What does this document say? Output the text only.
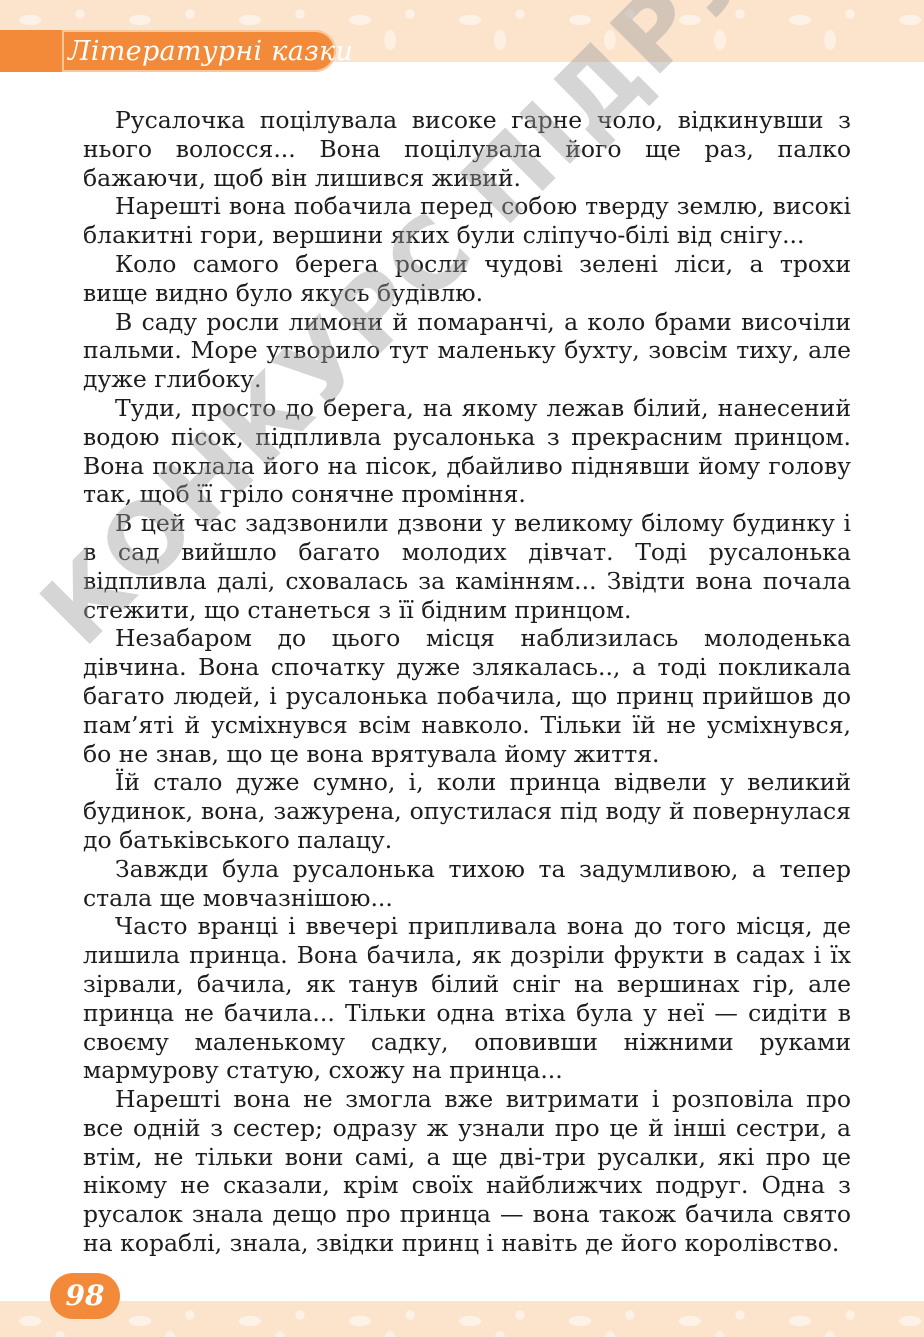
Літературні казки

Русалочка поцілувала високе гарне чоло, відкинувши з нього волосся... Вона поцілувала його ще раз, палко бажаючи, щоб він лишився живий.

Нарешті вона побачила перед собою тверду землю, високі блакитні гори, вершини яких були сліпучо-білі від снігу...

Коло самого берега росли чудові зелені ліси, а трохи вище видно було якусь будівлю.

В саду росли лимони й помаранчі, а коло брами височіли пальми. Море утворило тут маленьку бухту, зовсім тиху, але дуже глибоку.

Туди, просто до берега, на якому лежав білий, нанесений водою пісок, підпливла русалонька з прекрасним принцом. Вона поклала його на пісок, дбайливо піднявши йому голову так, щоб її гріло сонячне проміння.

В цей час задзвонили дзвони у великому білому будинку і в сад вийшло багато молодих дівчат. Тоді русалонька відпливла далі, сховалась за камінням... Звідти вона почала стежити, що станеться з її бідним принцом.

Незабаром до цього місця наблизилась молоденька дівчина. Вона спочатку дуже злякалась.., а тоді покликала багато людей, і русалонька побачила, що принц прийшов до пам’яті й усміхнувся всім навколо. Тільки їй не усміхнувся, бо не знав, що це вона врятувала йому життя.

Їй стало дуже сумно, і, коли принца відвели у великий будинок, вона, зажурена, опустилася під воду й повернулася до батьківського палацу.

Завжди була русалонька тихою та задумливою, а тепер стала ще мовчазнішою...

Часто вранці і ввечері припливала вона до того місця, де лишила принца. Вона бачила, як дозріли фрукти в садах і їх зірвали, бачила, як танув білий сніг на вершинах гір, але принца не бачила... Тільки одна втіха була у неї — сидіти в своєму маленькому садку, оповивши ніжними руками мармурову статую, схожу на принца...

Нарешті вона не змогла вже витримати і розповіла про все одній з сестер; одразу ж узнали про це й інші сестри, а втім, не тільки вони самі, а ще дві-три русалки, які про це нікому не сказали, крім своїх найближчих подруг. Одна з русалок знала дещо про принца — вона також бачила свято на кораблі, знала, звідки принц і навіть де його королівство.

98
